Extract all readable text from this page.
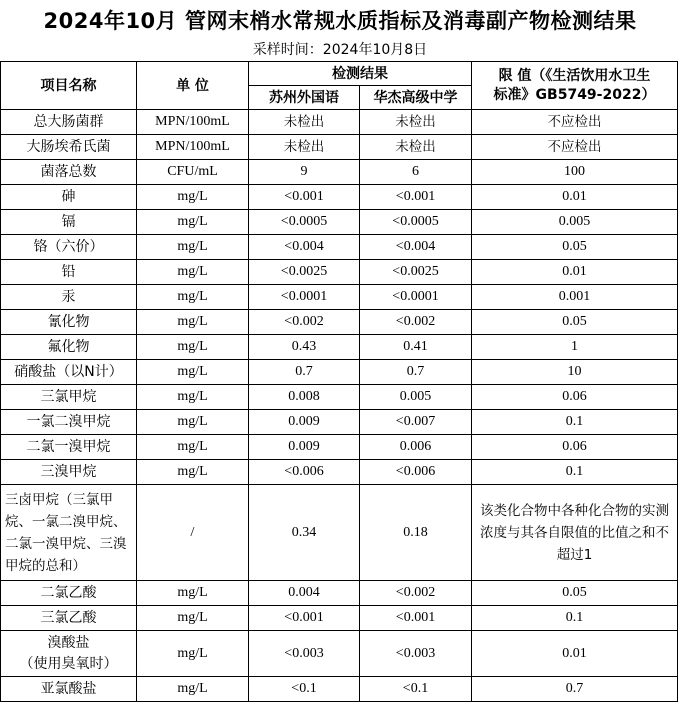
2024年10月 管网末梢水常规水质指标及消毒副产物检测结果
采样时间：2024年10月8日
项目名称	单 位	检测结果		限 值（《生活饮用水卫生
标准》GB5749-2022）

		苏州外国语	华杰高级中学	
总大肠菌群	MPN/100mL	未检出	未检出	不应检出
大肠埃希氏菌	MPN/100mL	未检出	未检出	不应检出
菌落总数	CFU/mL	9	6	100
砷	mg/L	<0.001	<0.001	0.01
镉	mg/L	<0.0005	<0.0005	0.005
铬（六价）	mg/L	<0.004	<0.004	0.05
铅	mg/L	<0.0025	<0.0025	0.01
汞	mg/L	<0.0001	<0.0001	0.001
氰化物	mg/L	<0.002	<0.002	0.05
氟化物	mg/L	0.43	0.41	1
硝酸盐（以N计）	mg/L	0.7	0.7	10
三氯甲烷	mg/L	0.008	0.005	0.06
一氯二溴甲烷	mg/L	0.009	<0.007	0.1
二氯一溴甲烷	mg/L	0.009	0.006	0.06
三溴甲烷	mg/L	<0.006	<0.006	0.1
三卤甲烷（三氯甲烷、一氯二溴甲烷、二氯一溴甲烷、三溴甲烷的总和）	/	0.34	0.18	该类化合物中各种化合物的实测浓度与其各自限值的比值之和不超过1
二氯乙酸	mg/L	0.004	<0.002	0.05
三氯乙酸	mg/L	<0.001	<0.001	0.1

溴酸盐
（使用臭氧时）	mg/L	<0.003	<0.003	0.01
亚氯酸盐	mg/L	<0.1	<0.1	0.7
